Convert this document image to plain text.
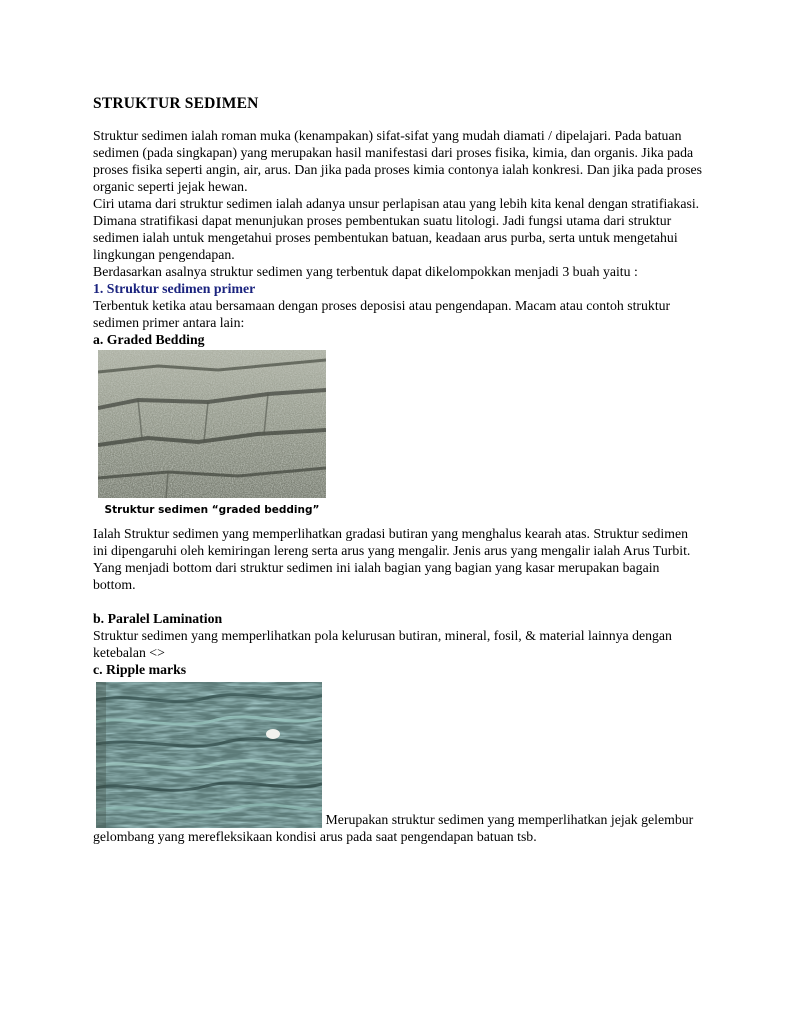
STRUKTUR SEDIMEN

Struktur sedimen ialah roman muka (kenampakan) sifat-sifat yang mudah diamati / dipelajari. Pada batuan sedimen (pada singkapan) yang merupakan hasil manifestasi dari proses fisika, kimia, dan organis. Jika pada proses fisika seperti angin, air, arus. Dan jika pada proses kimia contonya ialah konkresi. Dan jika pada proses organic seperti jejak hewan.

Ciri utama dari struktur sedimen ialah adanya unsur perlapisan atau yang lebih kita kenal dengan stratifiakasi. Dimana stratifikasi dapat menunjukan proses pembentukan suatu litologi. Jadi fungsi utama dari struktur sedimen ialah untuk mengetahui proses pembentukan batuan, keadaan arus purba, serta untuk mengetahui lingkungan pengendapan.

Berdasarkan asalnya struktur sedimen yang terbentuk dapat dikelompokkan menjadi 3 buah yaitu :

1. Struktur sedimen primer

Terbentuk ketika atau bersamaan dengan proses deposisi atau pengendapan. Macam atau contoh struktur sedimen primer antara lain:

a. Graded Bedding
Struktur sedimen “graded bedding”

Ialah Struktur sedimen yang memperlihatkan gradasi butiran yang menghalus kearah atas. Struktur sedimen ini dipengaruhi oleh kemiringan lereng serta arus yang mengalir. Jenis arus yang mengalir ialah Arus Turbit. Yang menjadi bottom dari struktur sedimen ini ialah bagian yang bagian yang kasar merupakan bagain bottom.

b. Paralel Lamination

Struktur sedimen yang memperlihatkan pola kelurusan butiran, mineral, fosil, & material lainnya dengan ketebalan <>

c. Ripple marks

Merupakan struktur sedimen yang memperlihatkan jejak gelembur gelombang yang merefleksikaan kondisi arus pada saat pengendapan batuan tsb.
